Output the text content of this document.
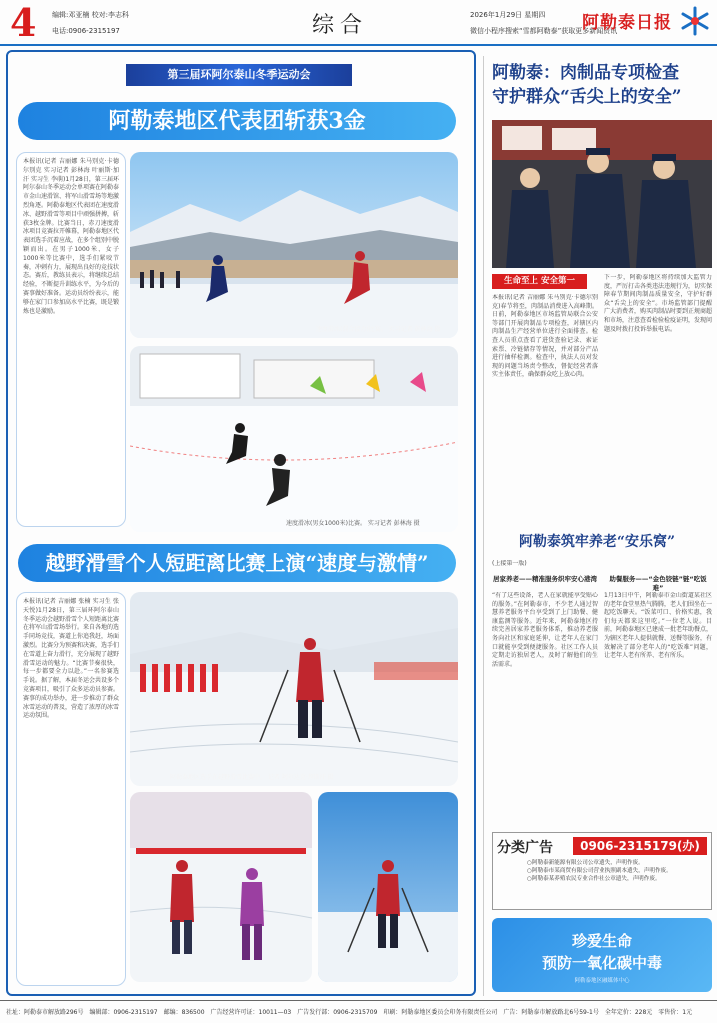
4 编辑:邓亚楠 校对:李志科
电话:0906-2315197	综合	2026年1月29日 星期四
微信小程序搜索“雪都阿勒泰”获取更多新闻资讯
阿勒泰日报
第三届环阿尔泰山冬季运动会
阿勒泰地区代表团斩获3金
本报讯(记者 吉丽娜 朱马别克·卡德尔别克 实习记者 彭林海 叶丽斯·加汗 实习生 李萌)1月28日，第三届环阿尔泰山冬季运动会单项赛在阿勒泰市金山速滑馆、将军山滑雪场等地激烈角逐。阿勒泰地区代表团在速度滑冰、越野滑雪等项目中顽强拼搏，斩获3枚金牌。比赛当日，赤刀速度滑冰项目竞赛拉开帷幕，阿勒泰地区代表团选手沉着应战，在多个组别中脱颖而出。在男子1000米、女子1000米等比赛中，选手们紧咬节奏，冲刺有力，展现出良好的竞技状态。赛后，教练员表示，将继续总结经验，不断提升训练水平，为今后的赛事做好准备。运动员纷纷表示，能够在家门口参加高水平比赛，既是锻炼也是激励。
速度滑冰(混合接力)比赛。 实习记者 彭林海 摄
速度滑冰(男女1000米)比赛。 实习记者 彭林海 摄
越野滑雪个人短距离比赛上演“速度与激情”
本报讯(记者 吉丽娜 张楠 实习生 张天悦)1月28日，第三届环阿尔泰山冬季运动会越野滑雪个人短距离比赛在将军山滑雪场举行。来自各地的选手同场竞技，赛道上你追我赶，场面激烈。比赛分为预赛和决赛，选手们在雪道上奋力滑行，充分展现了越野滑雪运动的魅力。“比赛节奏很快，每一步都要全力以赴。”一名参赛选手说。据了解，本届冬运会共设多个竞赛项目，吸引了众多运动员参赛。赛事的成功举办，进一步推动了群众冰雪运动的普及，营造了浓厚的冰雪运动氛围。
阿勒泰地区选手在越野滑雪比赛中。 记者 阿尔达克·拜斯汗 摄
阿勒泰：肉制品专项检查
守护群众“舌尖上的安全”
生命至上 安全第一
本报讯(记者 吉丽娜 朱马别克·卡德尔别克)春节将至，肉制品消费进入高峰期。日前，阿勒泰地区市场监管局联合公安等部门开展肉制品专项检查，对辖区内肉制品生产经营单位进行全面排查。检查人员重点查看了进货查验记录、索证索票、冷链储存等情况，并对部分产品进行抽样检测。检查中，执法人员对发现的问题当场责令整改，督促经营者落实主体责任，确保群众吃上放心肉。
下一步，阿勒泰地区将持续加大监管力度，严厉打击各类违法违规行为，切实保障春节期间肉制品质量安全，守护好群众“舌尖上的安全”。市场监管部门提醒广大消费者，购买肉制品时要到正规商超和市场，注意查看检验检疫证明，发现问题及时拨打投诉举报电话。
阿勒泰筑牢养老“安乐窝”
(上接第一版)
居家养老——精准服务织牢安心港湾
“有了这些设备，老人在家就能享受贴心的服务。”在阿勒泰市，不少老人通过智慧养老服务平台享受到了上门助餐、健康监测等服务。近年来，阿勒泰地区持续完善居家养老服务体系，推动养老服务向社区和家庭延伸，让老年人在家门口就能享受到便捷服务。社区工作人员定期走访独居老人，及时了解他们的生活需求。
助餐服务——“金色铰链”链“吃饭难”
1月13日中午，阿勒泰市金山街道某社区的老年食堂里热气腾腾，老人们围坐在一起吃饭聊天。“饭菜可口、价格实惠，我们每天都来这里吃。”一位老人说。目前，阿勒泰地区已建成一批老年助餐点，为辖区老年人提供就餐、送餐等服务，有效解决了部分老年人的“吃饭难”问题，让老年人老有所养、老有所乐。
分类广告	0906-2315179(办)
○阿勒泰新能源有限公司公章遗失，声明作废。
○阿勒泰市某商贸有限公司营业执照副本遗失，声明作废。
○阿勒泰某养殖农民专业合作社公章遗失，声明作废。
珍爱生命
预防一氧化碳中毒
阿勒泰地区融媒体中心
社址：阿勒泰市解放路296号　编辑部：0906-2315197　邮编：836500　广告经营许可证：10011—03　广告发行部：0906-2315709　印刷：阿勒泰地区委员会印务有限责任公司　广告：阿勒泰市解放路北6号59-1号　全年定价：228元　零售价：1元
